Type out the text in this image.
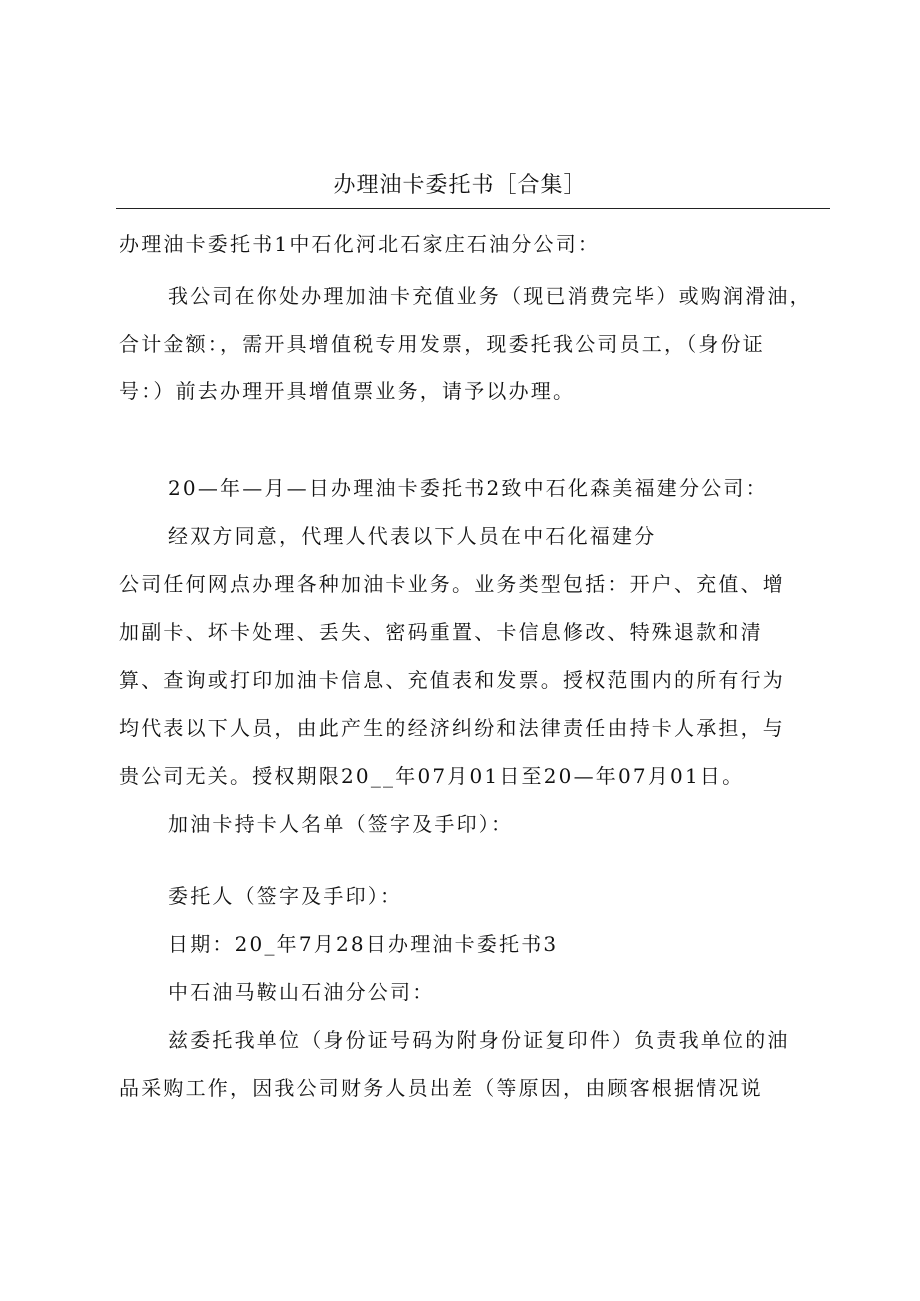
办理油卡委托书［合集］
办理油卡委托书1中石化河北石家庄石油分公司：
我公司在你处办理加油卡充值业务（现已消费完毕）或购润滑油，
合计金额：，需开具增值税专用发票，现委托我公司员工，（身份证
号：）前去办理开具增值票业务，请予以办理。
20—年—月—日办理油卡委托书2致中石化森美福建分公司：
经双方同意，代理人代表以下人员在中石化福建分
公司任何网点办理各种加油卡业务。业务类型包括：开户、充值、增
加副卡、坏卡处理、丢失、密码重置、卡信息修改、特殊退款和清
算、查询或打印加油卡信息、充值表和发票。授权范围内的所有行为
均代表以下人员，由此产生的经济纠纷和法律责任由持卡人承担，与
贵公司无关。授权期限20__年07月01日至20—年07月01日。
加油卡持卡人名单（签字及手印）：
委托人（签字及手印）：
日期：20_年7月28日办理油卡委托书3
中石油马鞍山石油分公司：
兹委托我单位（身份证号码为附身份证复印件）负责我单位的油
品采购工作，因我公司财务人员出差（等原因，由顾客根据情况说
